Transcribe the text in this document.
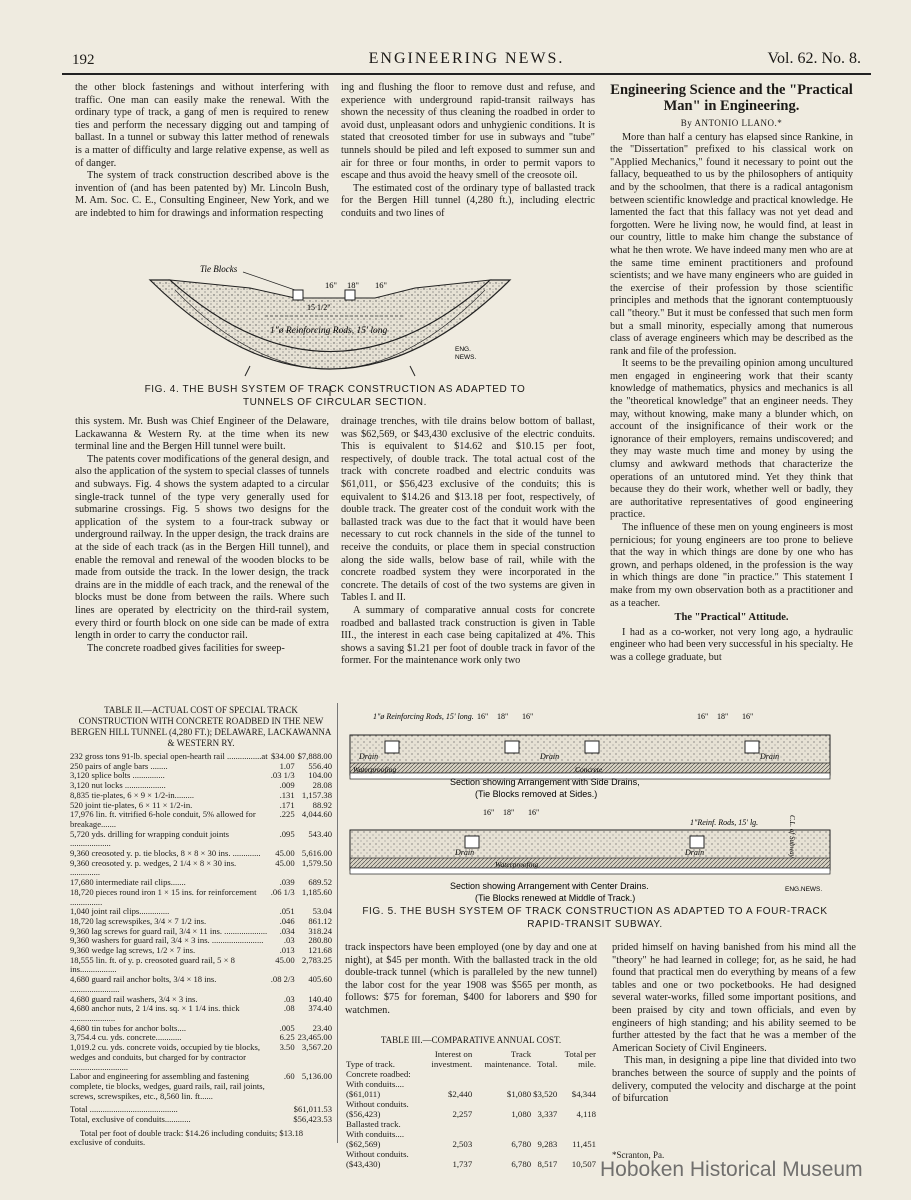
192	ENGINEERING NEWS.	Vol. 62. No. 8.

the other block fastenings and without interfering with traffic. One man can easily make the renewal. With the ordinary type of track, a gang of men is required to renew ties and perform the necessary digging out and tamping of ballast. In a tunnel or subway this latter method of renewals is a matter of difficulty and large relative expense, as well as of danger.

The system of track construction described above is the invention of (and has been patented by) Mr. Lincoln Bush, M. Am. Soc. C. E., Consulting Engineer, New York, and we are indebted to him for drawings and information respecting

ing and flushing the floor to remove dust and refuse, and experience with underground rapid-transit railways has shown the necessity of thus cleaning the roadbed in order to avoid dust, unpleasant odors and unhygienic conditions. It is stated that creosoted timber for use in subways and "tube" tunnels should be piled and left exposed to summer sun and air for three or four months, in order to permit vapors to escape and thus avoid the heavy smell of the creosote oil.

The estimated cost of the ordinary type of ballasted track for the Bergen Hill tunnel (4,280 ft.), including electric conduits and two lines of

Tie Blocks
16" 18" 16"
15 1/2"
1"ø Reinforcing Rods, 15' long
ENG.
NEWS.
FIG. 4. THE BUSH SYSTEM OF TRACK CONSTRUCTION AS ADAPTED TO
TUNNELS OF CIRCULAR SECTION.

this system. Mr. Bush was Chief Engineer of the Delaware, Lackawanna & Western Ry. at the time when its new terminal line and the Bergen Hill tunnel were built.

The patents cover modifications of the general design, and also the application of the system to special classes of tunnels and subways. Fig. 4 shows the system adapted to a circular single-track tunnel of the type very generally used for submarine crossings. Fig. 5 shows two designs for the application of the system to a four-track subway or underground railway. In the upper design, the track drains are at the side of each track (as in the Bergen Hill tunnel), and enable the removal and renewal of the wooden blocks to be made from outside the track. In the lower design, the track drains are in the middle of each track, and the renewal of the blocks must be done from between the rails. Where such lines are operated by electricity on the third-rail system, every third or fourth block on one side can be made of extra length in order to carry the conductor rail.

The concrete roadbed gives facilities for sweep-

drainage trenches, with tile drains below bottom of ballast, was $62,569, or $43,430 exclusive of the electric conduits. This is equivalent to $14.62 and $10.15 per foot, respectively, of double track. The total actual cost of the track with concrete roadbed and electric conduits was $61,011, or $56,423 exclusive of the conduits; this is equivalent to $14.26 and $13.18 per foot, respectively, of double track. The greater cost of the conduit work with the ballasted track was due to the fact that it would have been necessary to cut rock channels in the side of the tunnel to receive the conduits, or place them in special construction along the side walls, below base of rail, while with the concrete roadbed system they were incorporated in the concrete. The details of cost of the two systems are given in Tables I. and II.

A summary of comparative annual costs for concrete roadbed and ballasted track construction is given in Table III., the interest in each case being capitalized at 4%. This shows a saving $1.21 per foot of double track in favor of the former. For the maintenance work only two

Engineering Science and the "Practical Man" in Engineering.
By ANTONIO LLANO.*

More than half a century has elapsed since Rankine, in the "Dissertation" prefixed to his classical work on "Applied Mechanics," found it necessary to point out the fallacy, bequeathed to us by the philosophers of antiquity and by the schoolmen, that there is a radical antagonism between scientific knowledge and practical knowledge. He lamented the fact that this fallacy was not yet dead and forgotten. Were he living now, he would find, at least in our country, little to make him change the substance of what he then wrote. We have indeed many men who are at the same time eminent practitioners and profound scientists; and we have many engineers who are guided in the exercise of their profession by those scientific principles and methods that the ignorant contemptuously call "theory." But it must be confessed that such men form but a small minority, especially among that numerous class of average engineers which may be described as the rank and file of the profession.

It seems to be the prevailing opinion among uncultured men engaged in engineering work that their scanty knowledge of mathematics, physics and mechanics is all the "theoretical knowledge" that an engineer needs. They may, without knowing, make many a blunder which, on account of the insignificance of their work or the ignorance of their employers, remains undiscovered; and they may waste much time and money by using the clumsy and awkward methods that characterize the operations of an untutored mind. Yet they think that because they do their work, whether well or badly, they are authoritative representatives of good engineering practice.

The influence of these men on young engineers is most pernicious; for young engineers are too prone to believe that the way in which things are done by one who has grown, and perhaps oldened, in the profession is the way in which things are done "in practice." This statement I make from my own observation both as a practitioner and as a teacher.

The "Practical" Attitude.

I had as a co-worker, not very long ago, a hydraulic engineer who had been very successful in his specialty. He was a college graduate, but

TABLE II.—ACTUAL COST OF SPECIAL TRACK CONSTRUCTION WITH CONCRETE ROADBED IN THE NEW BERGEN HILL TUNNEL (4,280 FT.); DELAWARE, LACKAWANNA & WESTERN RY.
232 gross tons 91-lb. special open-hearth rail ................at	$34.00	$7,888.00
250 pairs of angle bars ........	1.07	556.40
3,120 splice bolts ...............	.03 1/3	104.00
3,120 nut locks ...................	.009	28.08
8,835 tie-plates, 6 × 9 × 1/2-in.........	.131	1,157.38
520 joint tie-plates, 6 × 11 × 1/2-in.	.171	88.92
17,976 lin. ft. vitrified 6-hole conduit, 5% allowed for breakage.......	.225	4,044.60
5,720 yds. drilling for wrapping conduit joints ...................	.095	543.40
9,360 creosoted y. p. tie blocks, 8 × 8 × 30 ins. .............	45.00	5,616.00
9,360 creosoted y. p. wedges, 2 1/4 × 8 × 30 ins. ..............	45.00	1,579.50
17,680 intermediate rail clips.......	.039	689.52
18,720 pieces round iron 1 × 15 ins. for reinforcement ...............	.06 1/3	1,185.60
1,040 joint rail clips..............	.051	53.04
18,720 lag screwspikes, 3/4 × 7 1/2 ins.	.046	861.12
9,360 lag screws for guard rail, 3/4 × 11 ins. ....................	.034	318.24
9,360 washers for guard rail, 3/4 × 3 ins. ........................	.03	280.80
9,360 wedge lag screws, 1/2 × 7 ins.	.013	121.68
18,555 lin. ft. of y. p. creosoted guard rail, 5 × 8 ins.................	45.00	2,783.25
4,680 guard rail anchor bolts, 3/4 × 18 ins. .......................	.08 2/3	405.60
4,680 guard rail washers, 3/4 × 3 ins.	.03	140.40
4,680 anchor nuts, 2 1/4 ins. sq. × 1 1/4 ins. thick .....................	.08	374.40
4,680 tin tubes for anchor bolts....	.005	23.40
3,754.4 cu. yds. concrete............	6.25	23,465.00
1,019.2 cu. yds. concrete voids, occupied by tie blocks, wedges and conduits, but charged for by contractor ...........................	3.50	3,567.20
Labor and engineering for assembling and fastening complete, tie blocks, wedges, guard rails, rail, rail joints, screws, screwspikes, etc., 8,560 lin. ft......	.60	5,136.00
Total .........................................	$61,011.53
Total, exclusive of conduits............	$56,423.53
Total per foot of double track: $14.26 including conduits; $13.18 exclusive of conduits.
1"ø Reinforcing Rods, 15' long. 16" 18" 16"	16" 18" 16"
Drain	Drain	Drain
Waterproofing	Concrete
Section showing Arrangement with Side Drains,
(Tie Blocks removed at Sides.)
16" 18" 16"
1"Reinf. Rods, 15' lg.
Drain	Drain
Waterproofing
C.L. of Subway
Section showing Arrangement with Center Drains.
(Tie Blocks renewed at Middle of Track.)
ENG.NEWS.
FIG. 5. THE BUSH SYSTEM OF TRACK CONSTRUCTION AS ADAPTED TO A FOUR-TRACK
RAPID-TRANSIT SUBWAY.

track inspectors have been employed (one by day and one at night), at $45 per month. With the ballasted track in the old double-track tunnel (which is paralleled by the new tunnel) the labor cost for the year 1908 was $565 per month, as follows: $75 for foreman, $400 for laborers and $90 for watchmen.

TABLE III.—COMPARATIVE ANNUAL COST.
Type of track.	Interest on investment.	Track maintenance.	Total.	Total per mile.
Concrete roadbed:				
With conduits....($61,011)	$2,440	$1,080	$3,520	$4,344
Without conduits.($56,423)	2,257	1,080	3,337	4,118
Ballasted track.				
With conduits....($62,569)	2,503	6,780	9,283	11,451
Without conduits.($43,430)	1,737	6,780	8,517	10,507

prided himself on having banished from his mind all the "theory" he had learned in college; for, as he said, he had found that practical men do everything by means of a few tables and one or two pocketbooks. He had designed several water-works, filled some important positions, and been praised by city and town officials, and even by engineers of high standing; and his ability seemed to be further attested by the fact that he was a member of the American Society of Civil Engineers.

This man, in designing a pipe line that divided into two branches between the source of supply and the points of delivery, computed the velocity and discharge at the point of bifurcation

*Scranton, Pa.
Hoboken Historical Museum
